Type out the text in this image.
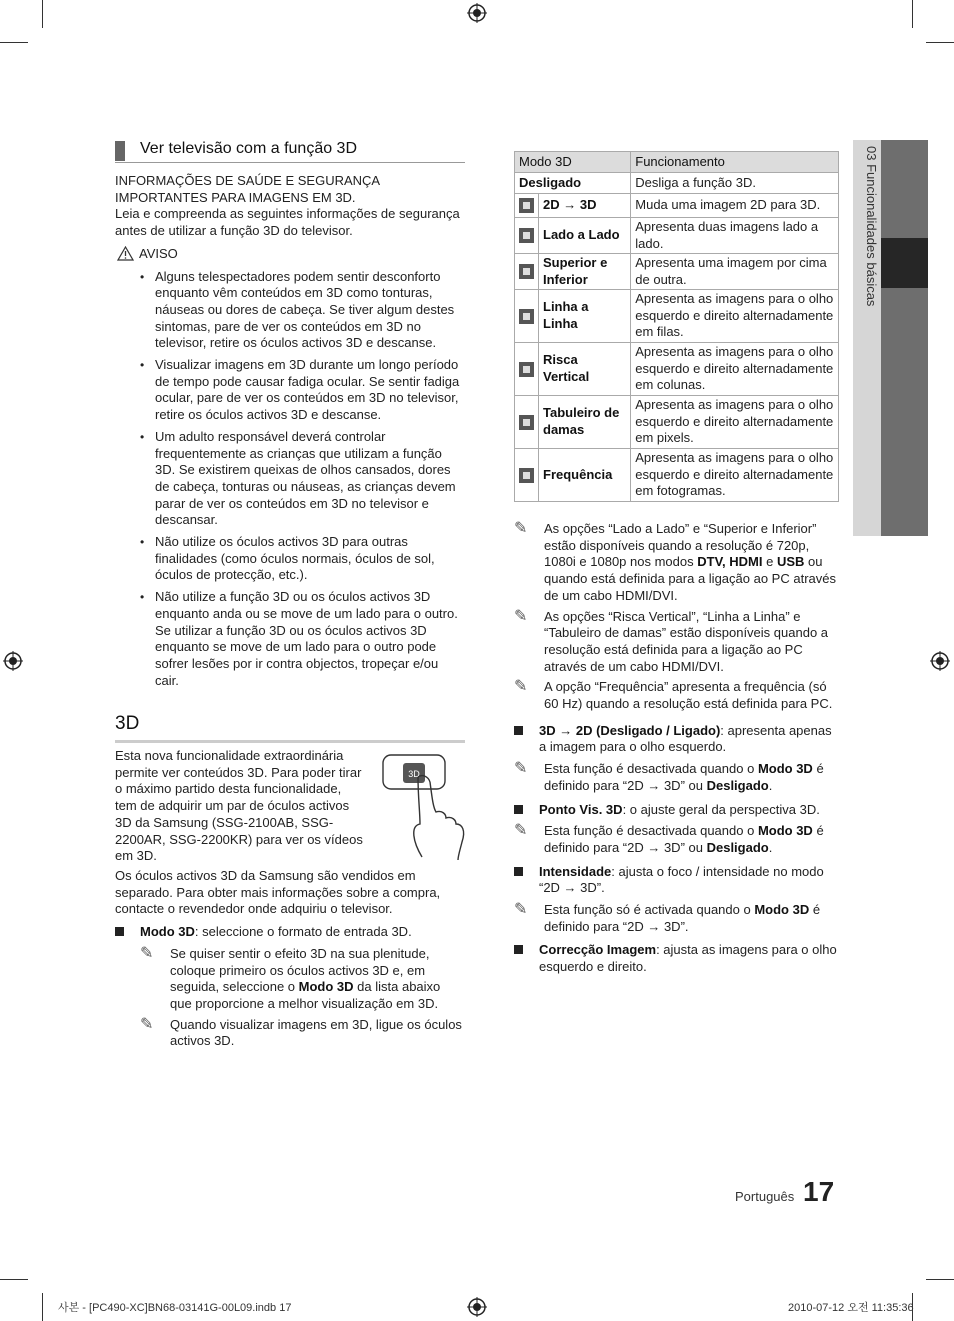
03 Funcionalidades básicas
Ver televisão com a função 3D

INFORMAÇÕES DE SAÚDE E SEGURANÇA IMPORTANTES PARA IMAGENS EM 3D.

Leia e compreenda as seguintes informações de segurança antes de utilizar a função 3D do televisor.

AVISO
• Alguns telespectadores podem sentir desconforto enquanto vêm conteúdos em 3D como tonturas, náuseas ou dores de cabeça. Se tiver algum destes sintomas, pare de ver os conteúdos em 3D no televisor, retire os óculos activos 3D e descanse.
• Visualizar imagens em 3D durante um longo período de tempo pode causar fadiga ocular. Se sentir fadiga ocular, pare de ver os conteúdos em 3D no televisor, retire os óculos activos 3D e descanse.
• Um adulto responsável deverá controlar frequentemente as crianças que utilizam a função 3D. Se existirem queixas de olhos cansados, dores de cabeça, tonturas ou náuseas, as crianças devem parar de ver os conteúdos em 3D no televisor e descansar.
• Não utilize os óculos activos 3D para outras finalidades (como óculos normais, óculos de sol, óculos de protecção, etc.).
• Não utilize a função 3D ou os óculos activos 3D enquanto anda ou se move de um lado para o outro. Se utilizar a função 3D ou os óculos activos 3D enquanto se move de um lado para o outro pode sofrer lesões por ir contra objectos, tropeçar e/ou cair.
3D

Esta nova funcionalidade extraordinária permite ver conteúdos 3D. Para poder tirar o máximo partido desta funcionalidade, tem de adquirir um par de óculos activos 3D da Samsung (SSG-2100AB, SSG-2200AR, SSG-2200KR) para ver os vídeos em 3D.

3D

Os óculos activos 3D da Samsung são vendidos em separado. Para obter mais informações sobre a compra, contacte o revendedor onde adquiriu o televisor.

Modo 3D: seleccione o formato de entrada 3D.
✎ Se quiser sentir o efeito 3D na sua plenitude, coloque primeiro os óculos activos 3D e, em seguida, seleccione o Modo 3D da lista abaixo que proporcione a melhor visualização em 3D.
✎ Quando visualizar imagens em 3D, ligue os óculos activos 3D.
Modo 3D		Funcionamento
Desligado		Desliga a função 3D.
	2D → 3D	Muda uma imagem 2D para 3D.
	Lado a Lado	Apresenta duas imagens lado a lado.
	Superior e Inferior	Apresenta uma imagem por cima de outra.
	Linha a Linha	Apresenta as imagens para o olho esquerdo e direito alternadamente em filas.
	Risca Vertical	Apresenta as imagens para o olho esquerdo e direito alternadamente em colunas.
	Tabuleiro de damas	Apresenta as imagens para o olho esquerdo e direito alternadamente em pixels.
	Frequência	Apresenta as imagens para o olho esquerdo e direito alternadamente em fotogramas.
✎ As opções “Lado a Lado” e “Superior e Inferior” estão disponíveis quando a resolução é 720p, 1080i e 1080p nos modos DTV, HDMI e USB ou quando está definida para a ligação ao PC através de um cabo HDMI/DVI.
✎ As opções “Risca Vertical”, “Linha a Linha” e “Tabuleiro de damas” estão disponíveis quando a resolução está definida para a ligação ao PC através de um cabo HDMI/DVI.
✎ A opção “Frequência” apresenta a frequência (só 60 Hz) quando a resolução está definida para PC.
3D → 2D (Desligado / Ligado): apresenta apenas a imagem para o olho esquerdo.
✎ Esta função é desactivada quando o Modo 3D é definido para “2D → 3D” ou Desligado.
Ponto Vis. 3D: o ajuste geral da perspectiva 3D.
✎ Esta função é desactivada quando o Modo 3D é definido para “2D → 3D” ou Desligado.
Intensidade: ajusta o foco / intensidade no modo “2D → 3D”.
✎ Esta função só é activada quando o Modo 3D é definido para “2D → 3D”.
Correcção Imagem: ajusta as imagens para o olho esquerdo e direito.
Português 17
사본 - [PC490-XC]BN68-03141G-00L09.indb 17	2010-07-12 오전 11:35:36
